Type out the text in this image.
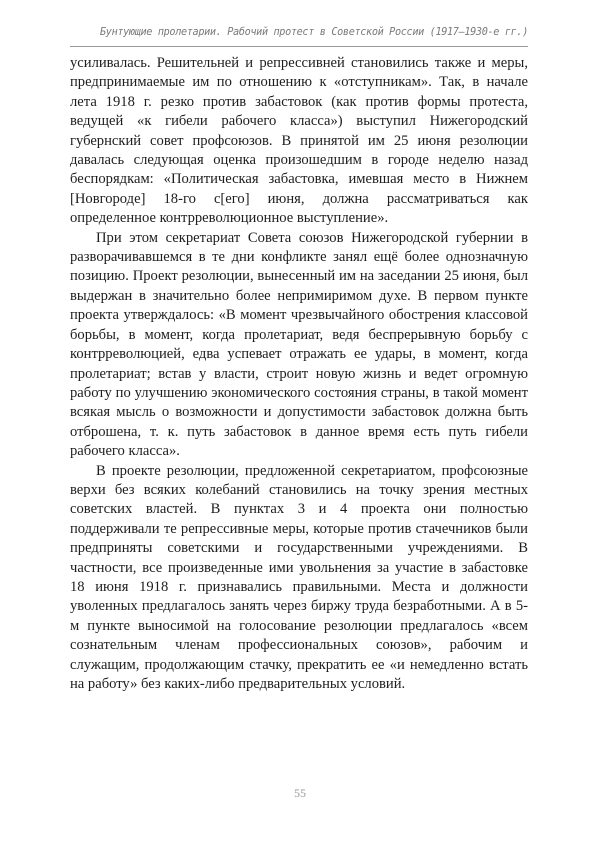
Бунтующие пролетарии. Рабочий протест в Советской России (1917–1930-е гг.)

усиливалась. Решительней и репрессивней становились также и меры, предпринимаемые им по отношению к «отступникам». Так, в начале лета 1918 г. резко против забастовок (как против формы протеста, ведущей «к гибели рабочего класса») выступил Нижегородский губернский совет профсоюзов. В принятой им 25 июня резолюции давалась следующая оценка произошедшим в городе неделю назад беспорядкам: «Политическая забастовка, имевшая место в Нижнем [Новгороде] 18-го с[его] июня, должна рассматриваться как определенное контрреволюционное выступление».

При этом секретариат Совета союзов Нижегородской губернии в разворачивавшемся в те дни конфликте занял ещё более однозначную позицию. Проект резолюции, вынесенный им на заседании 25 июня, был выдержан в значительно более непримиримом духе. В первом пункте проекта утверждалось: «В момент чрезвычайного обострения классовой борьбы, в момент, когда пролетариат, ведя беспрерывную борьбу с контрреволюцией, едва успевает отражать ее удары, в момент, когда пролетариат; встав у власти, строит новую жизнь и ведет огромную работу по улучшению экономического состояния страны, в такой момент всякая мысль о возможности и допустимости забастовок должна быть отброшена, т. к. путь забастовок в данное время есть путь гибели рабочего класса».

В проекте резолюции, предложенной секретариатом, профсоюзные верхи без всяких колебаний становились на точку зрения местных советских властей. В пунктах 3 и 4 проекта они полностью поддерживали те репрессивные меры, которые против стачечников были предприняты советскими и государственными учреждениями. В частности, все произведенные ими увольнения за участие в забастовке 18 июня 1918 г. признавались правильными. Места и должности уволенных предлагалось занять через биржу труда безработными. А в 5-м пункте выносимой на голосование резолюции предлагалось «всем сознательным членам профессиональных союзов», рабочим и служащим, продолжающим стачку, прекратить ее «и немедленно встать на работу» без каких-либо предварительных условий.

55
